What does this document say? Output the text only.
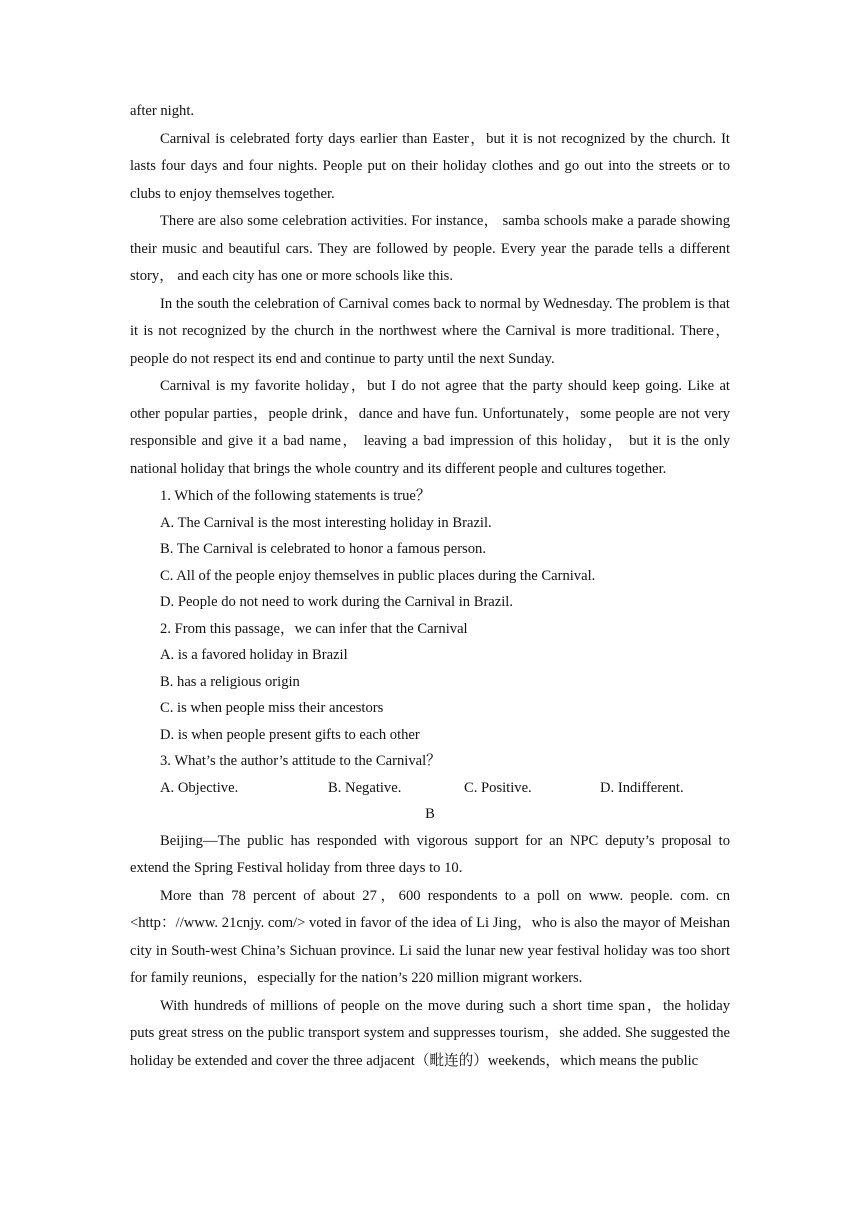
after night.

Carnival is celebrated forty days earlier than Easter，but it is not recognized by the church. It lasts four days and four nights. People put on their holiday clothes and go out into the streets or to clubs to enjoy themselves together.

There are also some celebration activities. For instance， samba schools make a parade showing their music and beautiful cars. They are followed by people. Every year the parade tells a different story， and each city has one or more schools like this.

In the south the celebration of Carnival comes back to normal by Wednesday. The problem is that it is not recognized by the church in the northwest where the Carnival is more traditional. There，people do not respect its end and continue to party until the next Sunday.

Carnival is my favorite holiday，but I do not agree that the party should keep going. Like at other popular parties，people drink，dance and have fun. Unfortunately，some people are not very responsible and give it a bad name， leaving a bad impression of this holiday， but it is the only national holiday that brings the whole country and its different people and cultures together.

1. Which of the following statements is true？

A. The Carnival is the most interesting holiday in Brazil.

B. The Carnival is celebrated to honor a famous person.

C. All of the people enjoy themselves in public places during the Carnival.

D. People do not need to work during the Carnival in Brazil.

2. From this passage，we can infer that the Carnival

A. is a favored holiday in Brazil

B. has a religious origin

C. is when people miss their ancestors

D. is when people present gifts to each other

3. What’s the author’s attitude to the Carnival？

A. Objective.	B. Negative.	C. Positive.	D. Indifferent.

B

Beijing—The public has responded with vigorous support for an NPC deputy’s proposal to extend the Spring Festival holiday from three days to 10.

More than 78 percent of about 27，600 respondents to a poll on www. people. com. cn <http：//www. 21cnjy. com/> voted in favor of the idea of Li Jing，who is also the mayor of Meishan city in South-west China’s Sichuan province. Li said the lunar new year festival holiday was too short for family reunions，especially for the nation’s 220 million migrant workers.

With hundreds of millions of people on the move during such a short time span，the holiday puts great stress on the public transport system and suppresses tourism，she added. She suggested the holiday be extended and cover the three adjacent（毗连的）weekends，which means the public
